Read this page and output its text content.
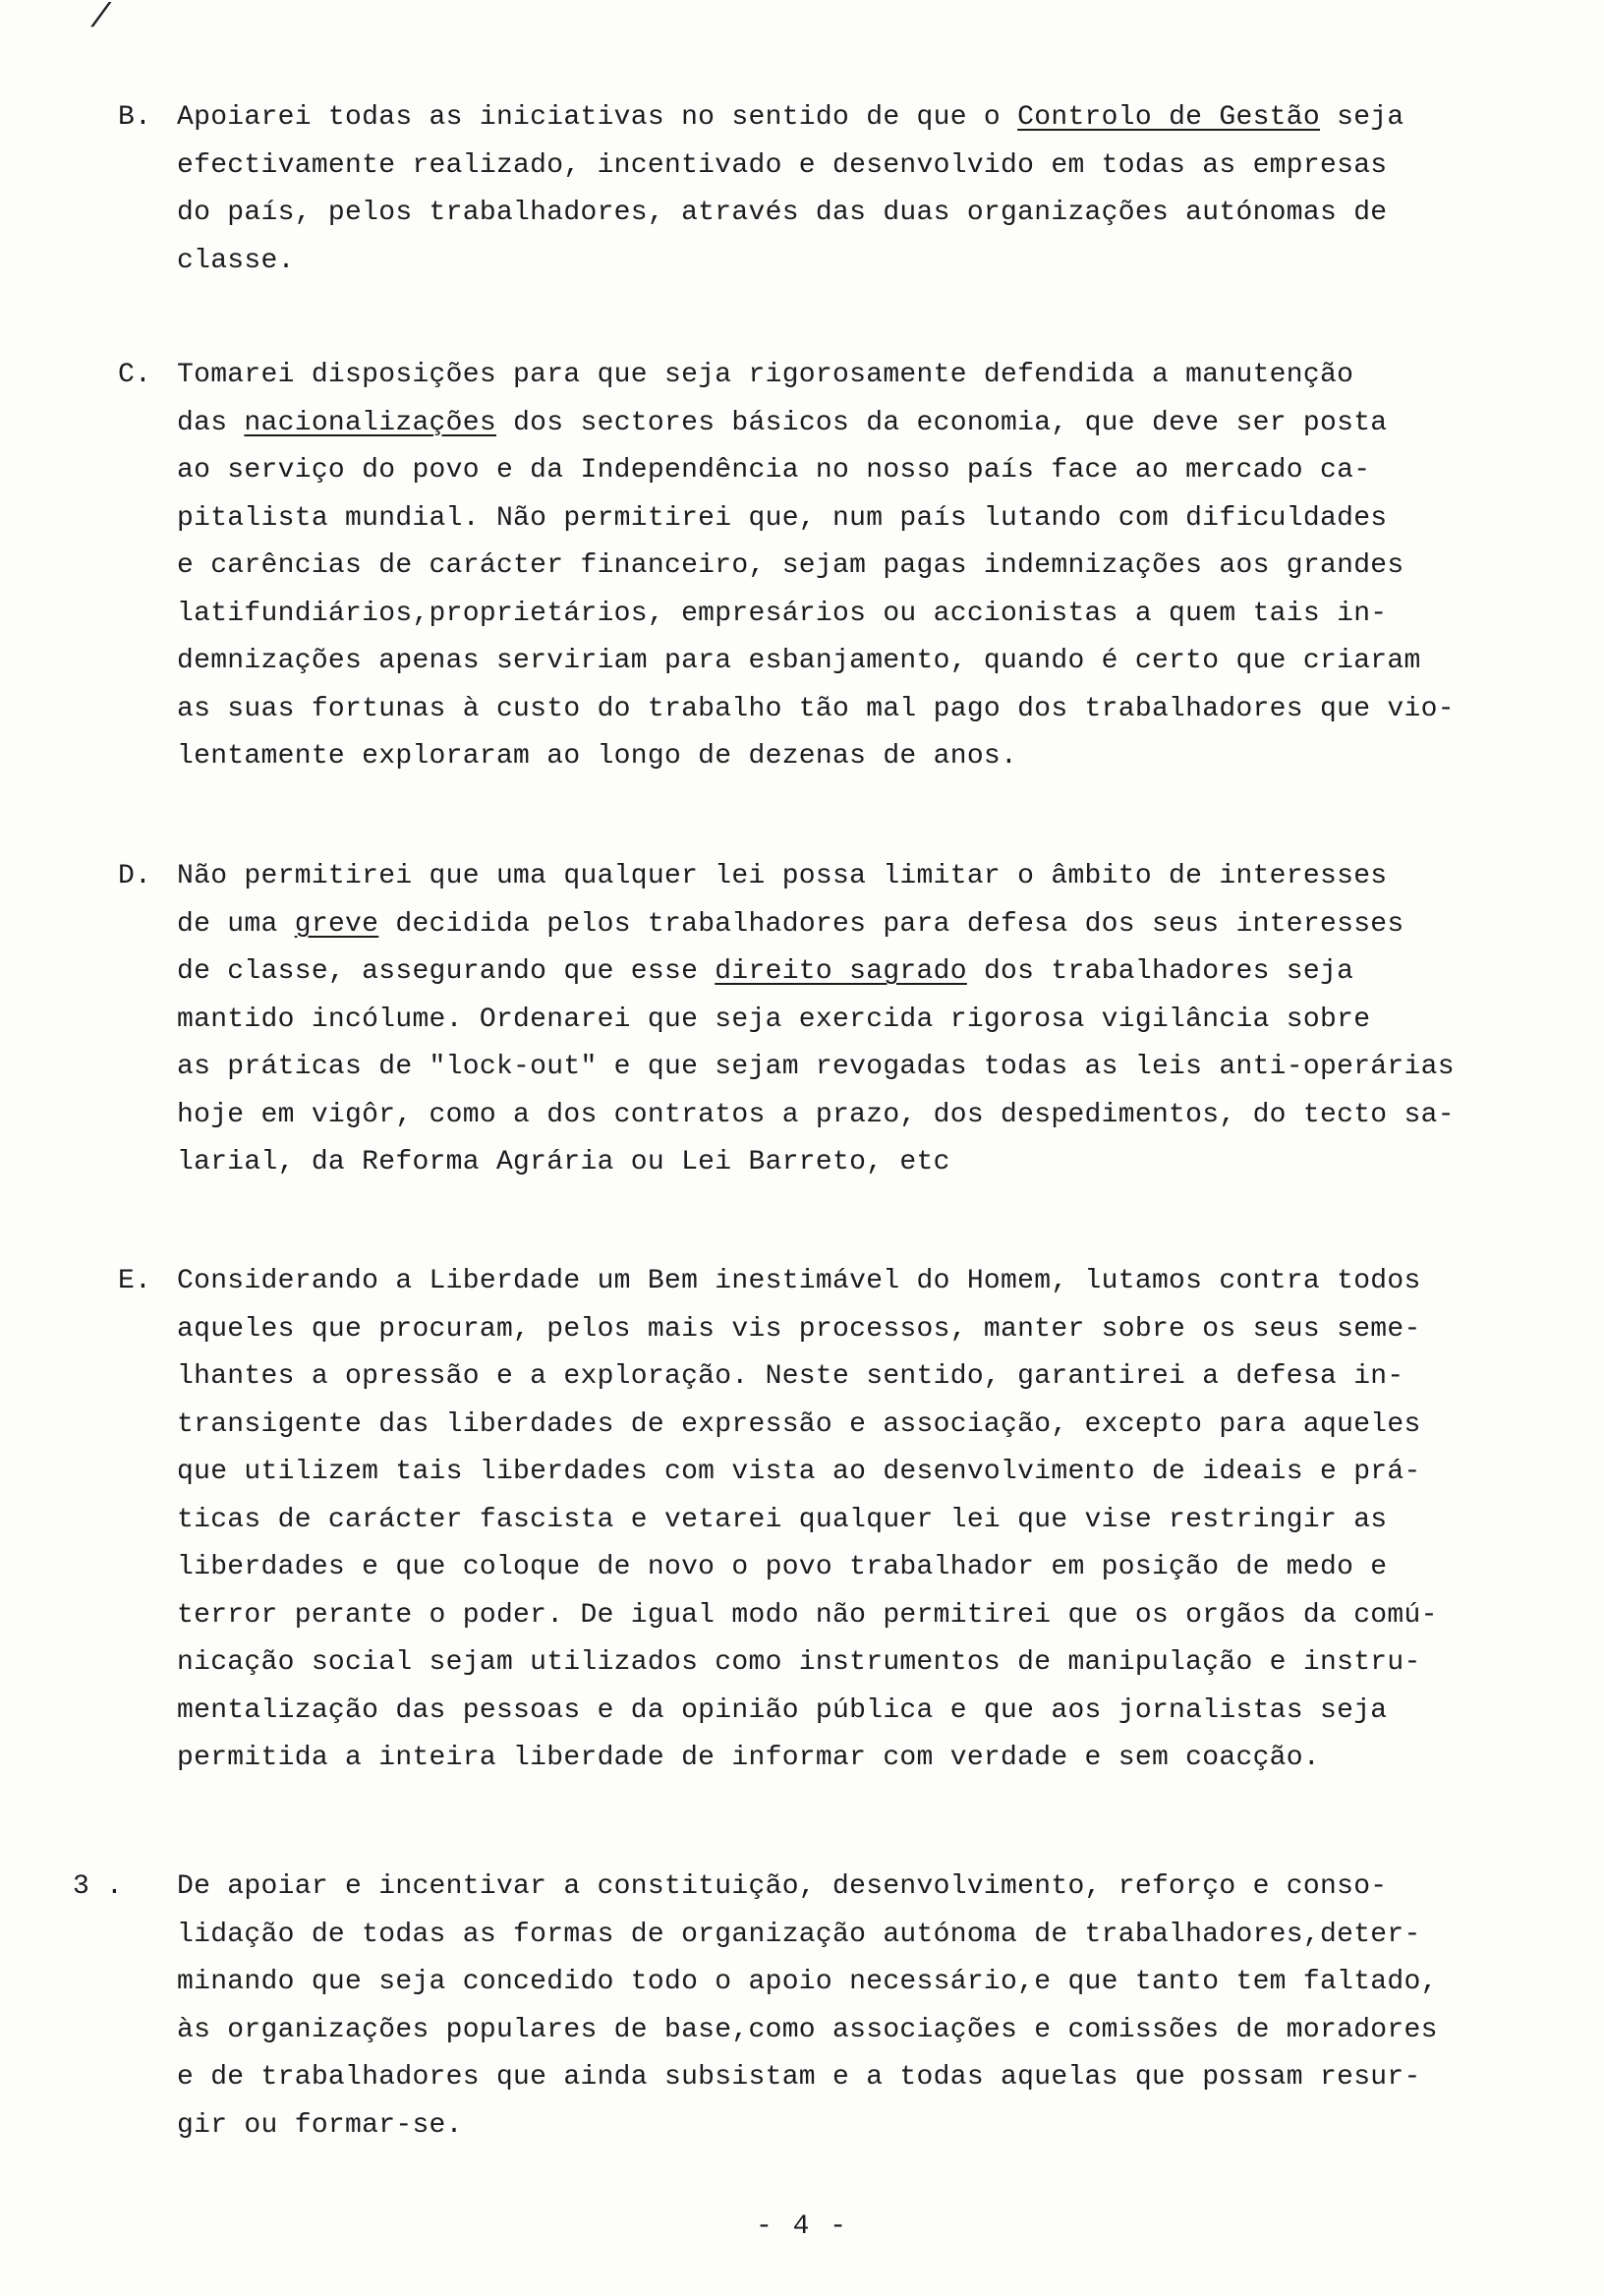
/
B. Apoiarei todas as iniciativas no sentido de que o Controlo de Gestão seja
efectivamente realizado, incentivado e desenvolvido em todas as empresas
do país, pelos trabalhadores, através das duas organizações autónomas de
classe.
C. Tomarei disposições para que seja rigorosamente defendida a manutenção
das nacionalizações dos sectores básicos da economia, que deve ser posta
ao serviço do povo e da Independência no nosso país face ao mercado ca-
pitalista mundial. Não permitirei que, num país lutando com dificuldades
e carências de carácter financeiro, sejam pagas indemnizações aos grandes
latifundiários,proprietários, empresários ou accionistas a quem tais in-
demnizações apenas serviriam para esbanjamento, quando é certo que criaram
as suas fortunas à custo do trabalho tão mal pago dos trabalhadores que vio-
lentamente exploraram ao longo de dezenas de anos.
D. Não permitirei que uma qualquer lei possa limitar o âmbito de interesses
de uma greve decidida pelos trabalhadores para defesa dos seus interesses
de classe, assegurando que esse direito sagrado dos trabalhadores seja
mantido incólume. Ordenarei que seja exercida rigorosa vigilância sobre
as práticas de "lock-out" e que sejam revogadas todas as leis anti-operárias
hoje em vigôr, como a dos contratos a prazo, dos despedimentos, do tecto sa-
larial, da Reforma Agrária ou Lei Barreto, etc
E. Considerando a Liberdade um Bem inestimável do Homem, lutamos contra todos
aqueles que procuram, pelos mais vis processos, manter sobre os seus seme-
lhantes a opressão e a exploração. Neste sentido, garantirei a defesa in-
transigente das liberdades de expressão e associação, excepto para aqueles
que utilizem tais liberdades com vista ao desenvolvimento de ideais e prá-
ticas de carácter fascista e vetarei qualquer lei que vise restringir as
liberdades e que coloque de novo o povo trabalhador em posição de medo e
terror perante o poder. De igual modo não permitirei que os orgãos da comú-
nicação social sejam utilizados como instrumentos de manipulação e instru-
mentalização das pessoas e da opinião pública e que aos jornalistas seja
permitida a inteira liberdade de informar com verdade e sem coacção.
3 . De apoiar e incentivar a constituição, desenvolvimento, reforço e conso-
lidação de todas as formas de organização autónoma de trabalhadores,deter-
minando que seja concedido todo o apoio necessário,e que tanto tem faltado,
às organizações populares de base,como associações e comissões de moradores
e de trabalhadores que ainda subsistam e a todas aquelas que possam resur-
gir ou formar-se.
- 4 -
